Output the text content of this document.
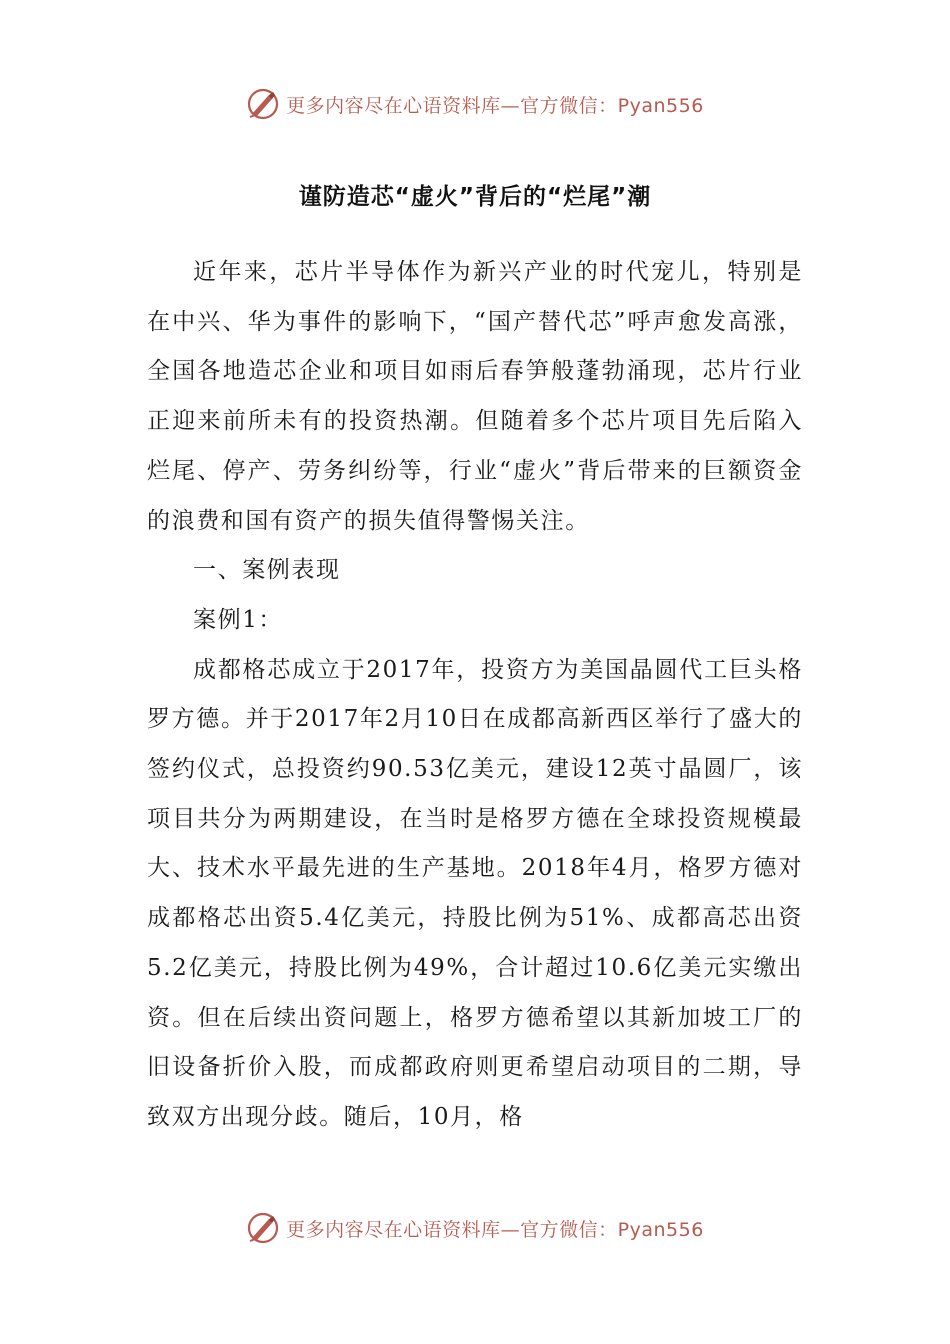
更多内容尽在心语资料库—官方微信：Pyan556
谨防造芯“虚火”背后的“烂尾”潮

近年来，芯片半导体作为新兴产业的时代宠儿，特别是在中兴、华为事件的影响下，“国产替代芯”呼声愈发高涨，全国各地造芯企业和项目如雨后春笋般蓬勃涌现，芯片行业正迎来前所未有的投资热潮。但随着多个芯片项目先后陷入烂尾、停产、劳务纠纷等，行业“虚火”背后带来的巨额资金的浪费和国有资产的损失值得警惕关注。

一、案例表现

案例1：

成都格芯成立于2017年，投资方为美国晶圆代工巨头格罗方德。并于2017年2月10日在成都高新西区举行了盛大的签约仪式，总投资约90.53亿美元，建设12英寸晶圆厂，该项目共分为两期建设，在当时是格罗方德在全球投资规模最大、技术水平最先进的生产基地。2018年4月，格罗方德对成都格芯出资5.4亿美元，持股比例为51%、成都高芯出资5.2亿美元，持股比例为49%，合计超过10.6亿美元实缴出资。但在后续出资问题上，格罗方德希望以其新加坡工厂的旧设备折价入股，而成都政府则更希望启动项目的二期，导致双方出现分歧。随后，10月，格

更多内容尽在心语资料库—官方微信：Pyan556
